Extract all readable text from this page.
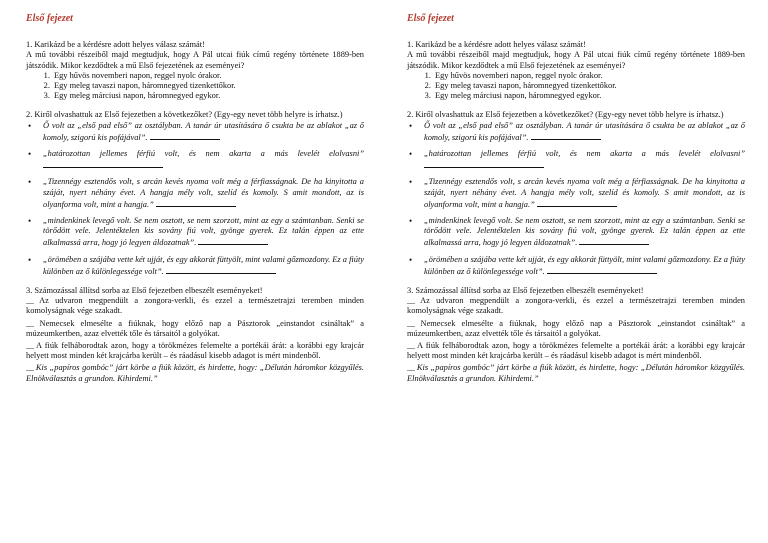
Első fejezet

1. Karikázd be a kérdésre adott helyes válasz számát!

A mű további részeiből majd megtudjuk, hogy A Pál utcai fiúk című regény története 1889-ben játszódik. Mikor kezdődtek a mű Első fejezetének az eseményei?

1. Egy hűvös novemberi napon, reggel nyolc órakor.
2. Egy meleg tavaszi napon, háromnegyed tizenkettőkor.
3. Egy meleg márciusi napon, háromnegyed egykor.

2. Kiről olvashattuk az Első fejezetben a következőket? (Egy-egy nevet több helyre is írhatsz.)

• Ő volt az „első pad első” az osztályban. A tanár úr utasítására ő csukta be az ablakot „az ő komoly, szigorú kis pofájával”.
• „határozottan jellemes férfiú volt, és nem akarta a más levelét elolvasni”
• „Tizennégy esztendős volt, s arcán kevés nyoma volt még a férfiasságnak. De ha kinyitotta a száját, nyert néhány évet. A hangja mély volt, szelíd és komoly. S amit mondott, az is olyanforma volt, mint a hangja.”
• „mindenkinek levegő volt. Se nem osztott, se nem szorzott, mint az egy a számtanban. Senki se törődött vele. Jelentéktelen kis sovány fiú volt, gyönge gyerek. Ez talán éppen az ette alkalmassá arra, hogy jó legyen áldozatnak”.
• „örömében a szájába vette két ujját, és egy akkorát füttyölt, mint valami gőzmozdony. Ez a fiúty különben az ő különlegessége volt”.

3. Számozással állítsd sorba az Első fejezetben elbeszélt eseményeket!

__ Az udvaron megpendült a zongora-verkli, és ezzel a természetrajzi teremben minden komolyságnak vége szakadt.

__ Nemecsek elmesélte a fiúknak, hogy előző nap a Pásztorok „einstandot csináltak” a múzeumkertben, azaz elvették tőle és társaitól a golyókat.

__ A fiúk felháborodtak azon, hogy a törökmézes felemelte a portékái árát: a korábbi egy krajcár helyett most minden két krajcárba került – és ráadásul kisebb adagot is mért mindenből.

__ Kis „papíros gombóc” járt körbe a fiúk között, és hirdette, hogy: „Délután háromkor közgyűlés. Elnökválasztás a grundon. Kihirdemi.”

Első fejezet

1. Karikázd be a kérdésre adott helyes válasz számát!

A mű további részeiből majd megtudjuk, hogy A Pál utcai fiúk című regény története 1889-ben játszódik. Mikor kezdődtek a mű Első fejezetének az eseményei?

1. Egy hűvös novemberi napon, reggel nyolc órakor.
2. Egy meleg tavaszi napon, háromnegyed tizenkettőkor.
3. Egy meleg márciusi napon, háromnegyed egykor.

2. Kiről olvashattuk az Első fejezetben a következőket? (Egy-egy nevet több helyre is írhatsz.)

• Ő volt az „első pad első” az osztályban. A tanár úr utasítására ő csukta be az ablakot „az ő komoly, szigorú kis pofájával”.
• „határozottan jellemes férfiú volt, és nem akarta a más levelét elolvasni”
• „Tizennégy esztendős volt, s arcán kevés nyoma volt még a férfiasságnak. De ha kinyitotta a száját, nyert néhány évet. A hangja mély volt, szelíd és komoly. S amit mondott, az is olyanforma volt, mint a hangja.”
• „mindenkinek levegő volt. Se nem osztott, se nem szorzott, mint az egy a számtanban. Senki se törődött vele. Jelentéktelen kis sovány fiú volt, gyönge gyerek. Ez talán éppen az ette alkalmassá arra, hogy jó legyen áldozatnak”.
• „örömében a szájába vette két ujját, és egy akkorát füttyölt, mint valami gőzmozdony. Ez a fiúty különben az ő különlegessége volt”.

3. Számozással állítsd sorba az Első fejezetben elbeszélt eseményeket!

__ Az udvaron megpendült a zongora-verkli, és ezzel a természetrajzi teremben minden komolyságnak vége szakadt.

__ Nemecsek elmesélte a fiúknak, hogy előző nap a Pásztorok „einstandot csináltak” a múzeumkertben, azaz elvették tőle és társaitól a golyókat.

__ A fiúk felháborodtak azon, hogy a törökmézes felemelte a portékái árát: a korábbi egy krajcár helyett most minden két krajcárba került – és ráadásul kisebb adagot is mért mindenből.

__ Kis „papíros gombóc” járt körbe a fiúk között, és hirdette, hogy: „Délután háromkor közgyűlés. Elnökválasztás a grundon. Kihirdemi.”
